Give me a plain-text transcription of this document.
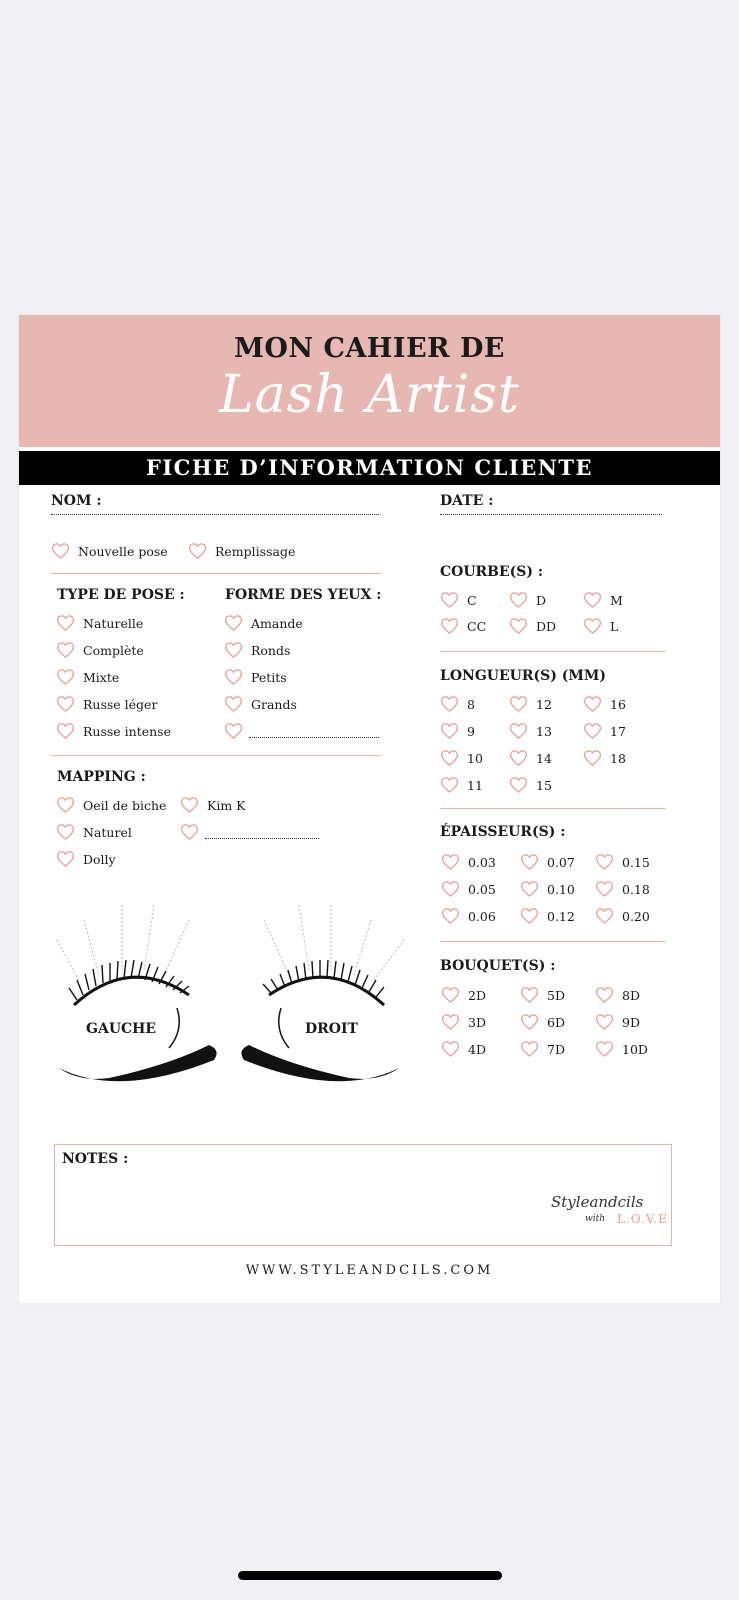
MON CAHIER DE
Lash Artist
FICHE D’INFORMATION CLIENTE
NOM :	DATE :
Nouvelle pose	Remplissage
TYPE DE POSE :
Naturelle
Complète
Mixte
Russe léger
Russe intense
FORME DES YEUX :
Amande
Ronds
Petits
Grands
MAPPING :
Oeil de biche	Kim K
Naturel
Dolly
GAUCHE	DROIT
COURBE(S) :
C	D	M
CC	DD	L
LONGUEUR(S) (MM)
8	12	16
9	13	17
10	14	18
11	15
ÉPAISSEUR(S) :
0.03	0.07	0.15
0.05	0.10	0.18
0.06	0.12	0.20
BOUQUET(S) :
2D	5D	8D
3D	6D	9D
4D	7D	10D
NOTES :
Styleandcils
with L.O.V.E
WWW.STYLEANDCILS.COM
